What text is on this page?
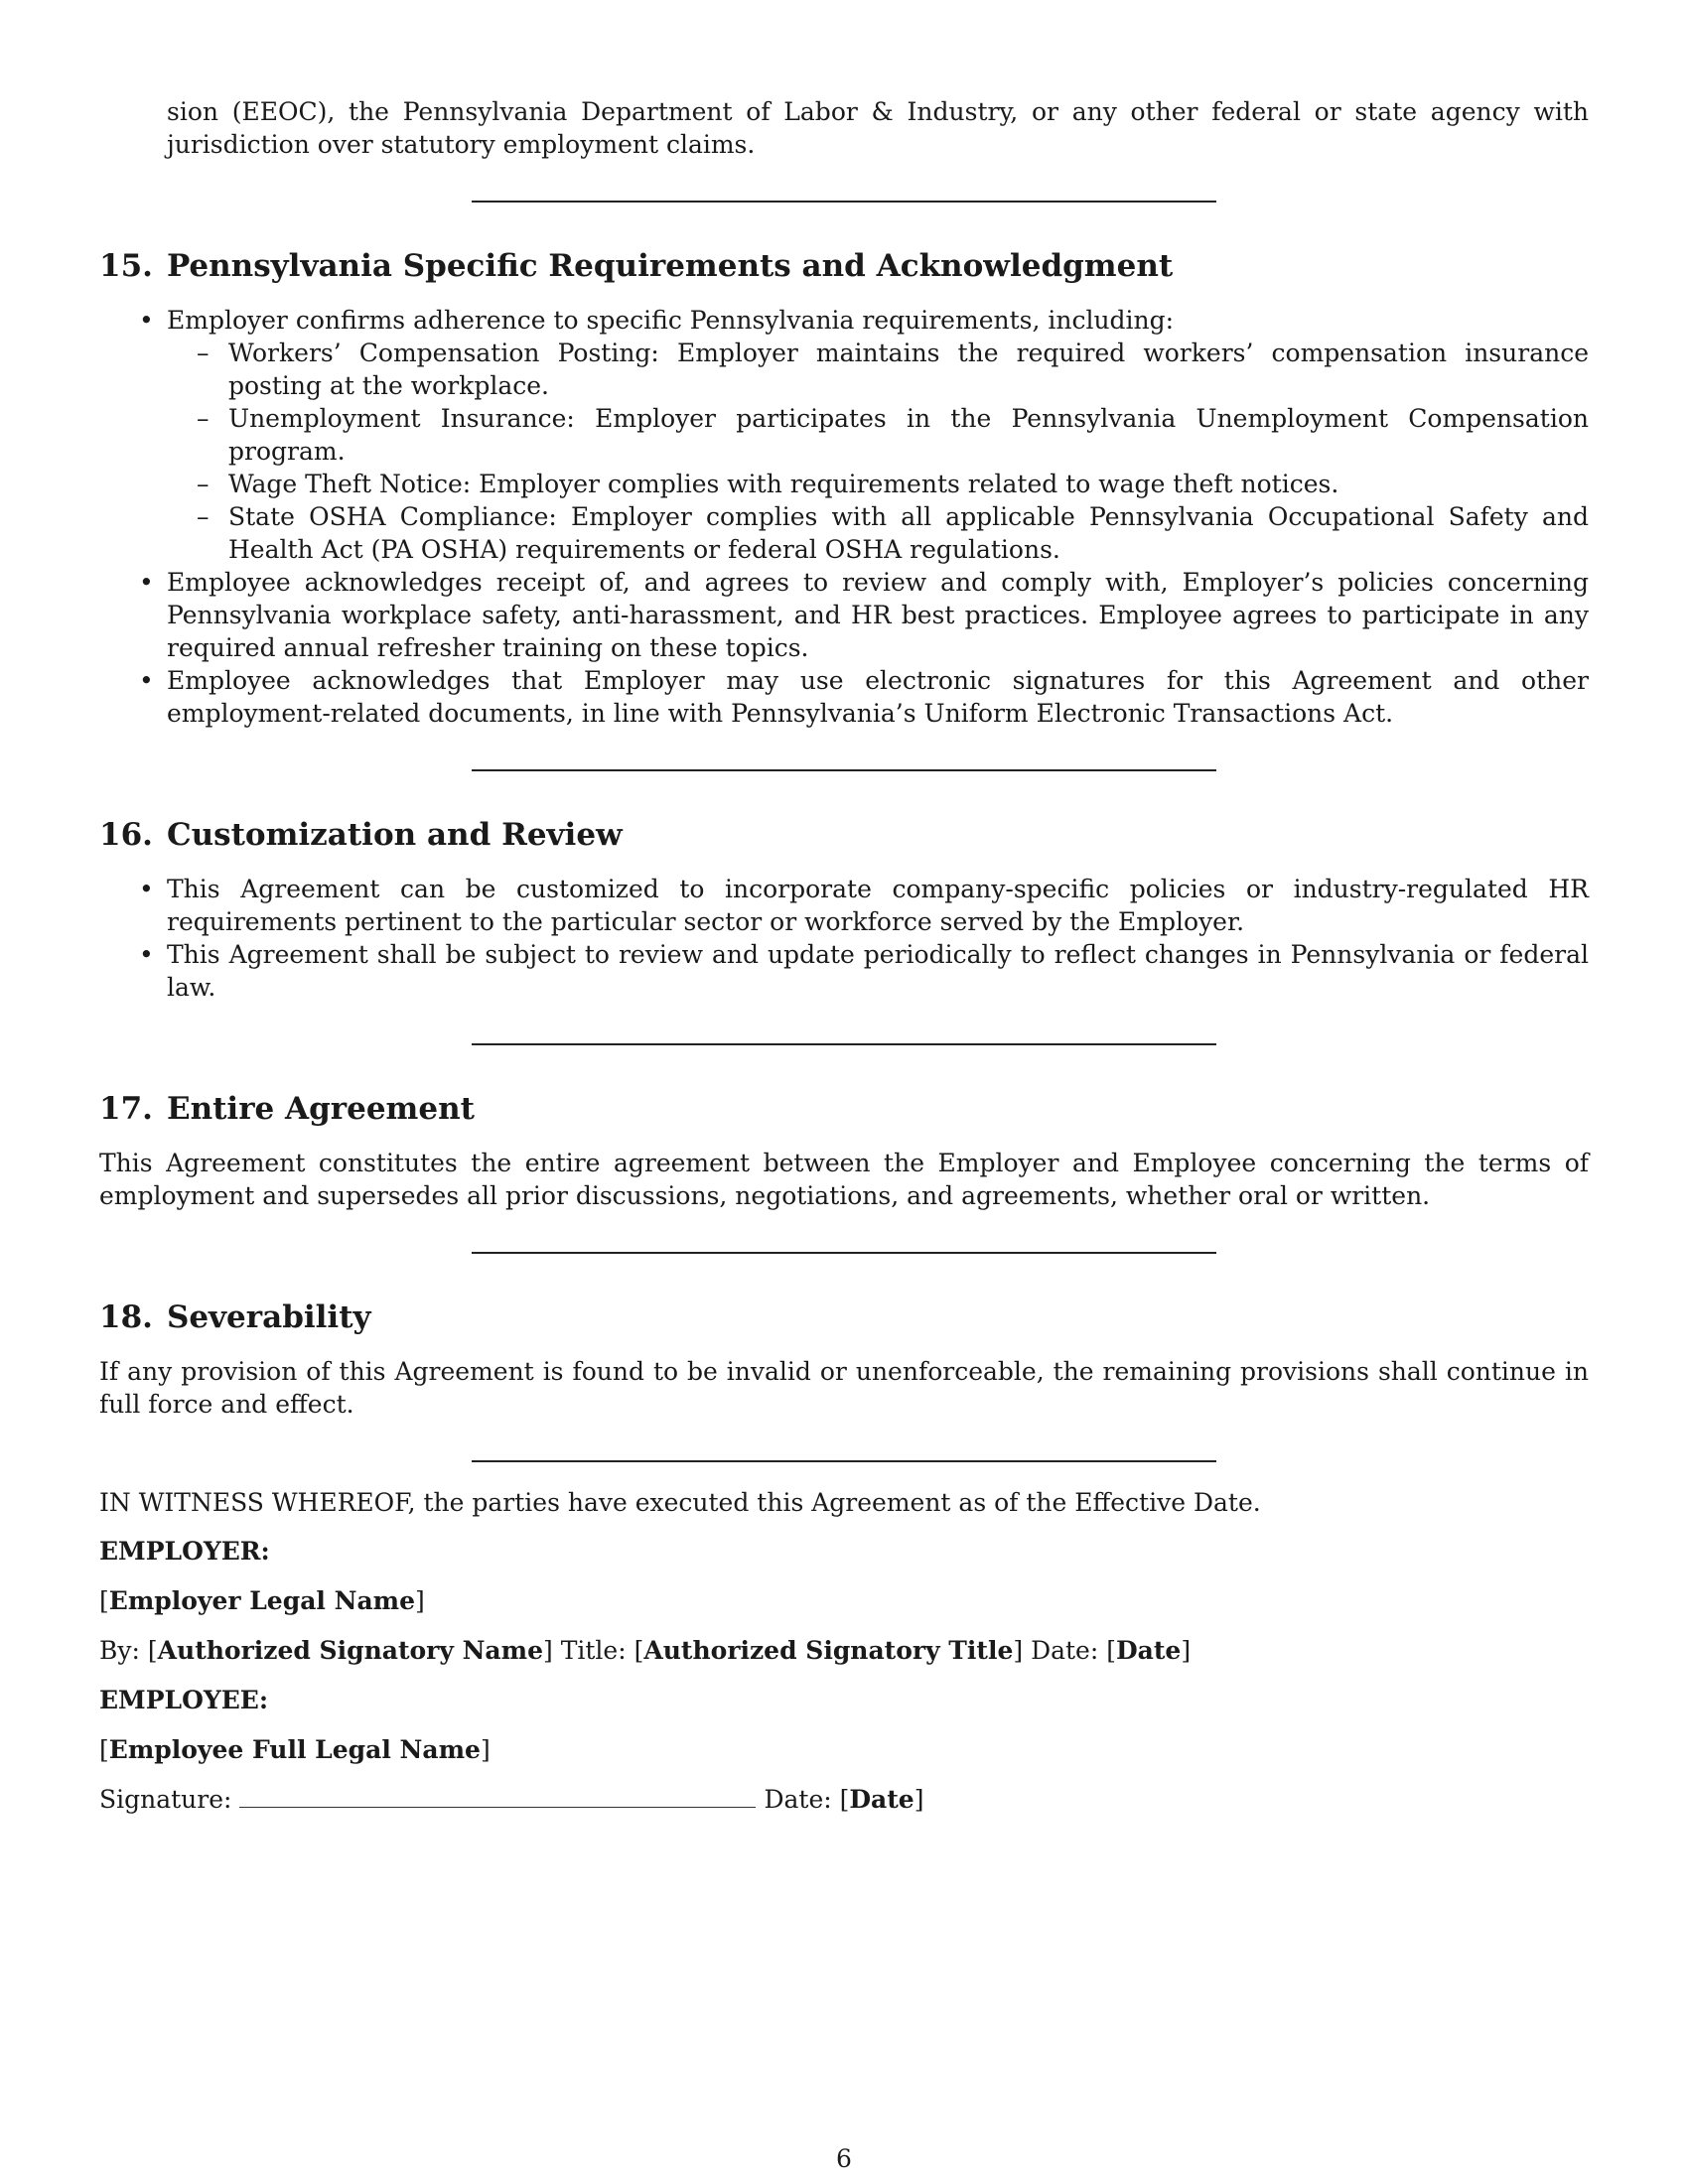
sion (EEOC), the Pennsylvania Department of Labor & Industry, or any other federal or state agency with jurisdiction over statutory employment claims.

15. Pennsylvania Specific Requirements and Acknowledgment
• Employer confirms adherence to specific Pennsylvania requirements, including:
– Workers’ Compensation Posting: Employer maintains the required workers’ compensation insurance posting at the workplace.
– Unemployment Insurance: Employer participates in the Pennsylvania Unemployment Compensation program.
– Wage Theft Notice: Employer complies with requirements related to wage theft notices.
– State OSHA Compliance: Employer complies with all applicable Pennsylvania Occupational Safety and Health Act (PA OSHA) requirements or federal OSHA regulations.
• Employee acknowledges receipt of, and agrees to review and comply with, Employer’s policies concerning Pennsylvania workplace safety, anti-harassment, and HR best practices. Employee agrees to participate in any required annual refresher training on these topics.
• Employee acknowledges that Employer may use electronic signatures for this Agreement and other employment-related documents, in line with Pennsylvania’s Uniform Electronic Transactions Act.
16. Customization and Review
• This Agreement can be customized to incorporate company-specific policies or industry-regulated HR requirements pertinent to the particular sector or workforce served by the Employer.
• This Agreement shall be subject to review and update periodically to reflect changes in Pennsylvania or federal law.
17. Entire Agreement

This Agreement constitutes the entire agreement between the Employer and Employee concerning the terms of employment and supersedes all prior discussions, negotiations, and agreements, whether oral or written.

18. Severability

If any provision of this Agreement is found to be invalid or unenforceable, the remaining provisions shall continue in full force and effect.

IN WITNESS WHEREOF, the parties have executed this Agreement as of the Effective Date.

EMPLOYER:

[Employer Legal Name]

By: [Authorized Signatory Name] Title: [Authorized Signatory Title] Date: [Date]

EMPLOYEE:

[Employee Full Legal Name]

Signature:	Date: [Date]

6
